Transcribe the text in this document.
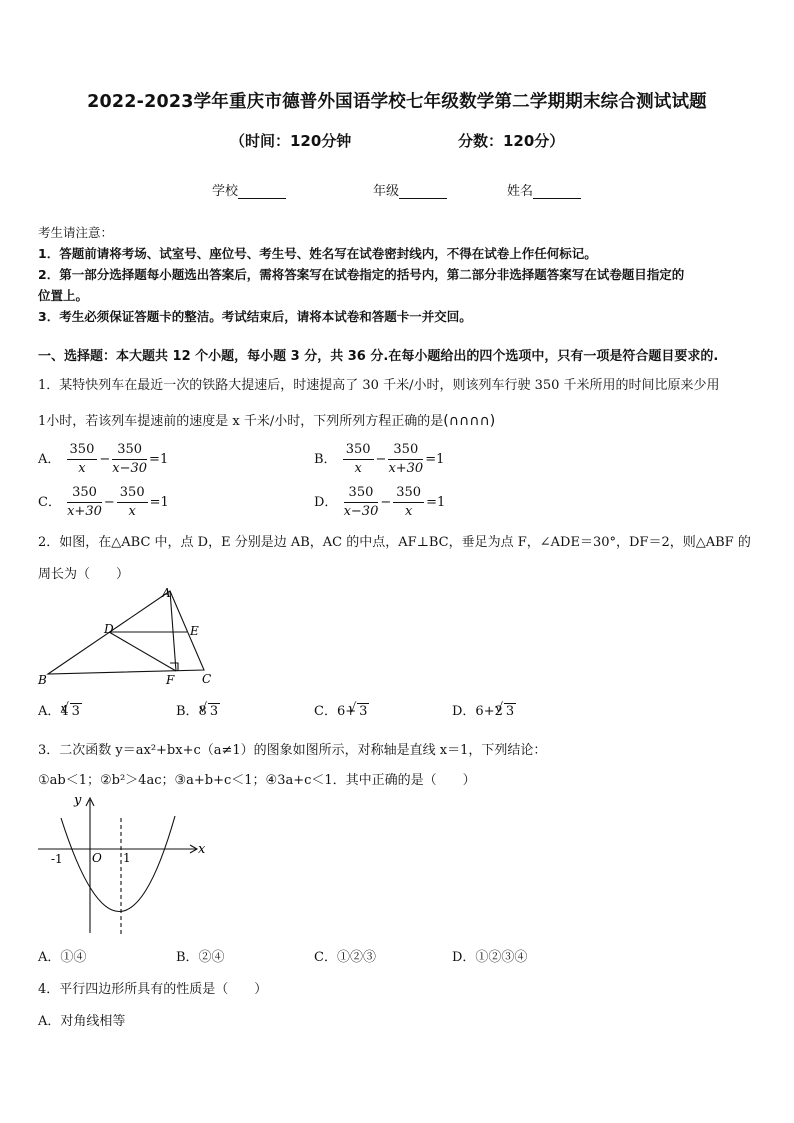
2022-2023学年重庆市德普外国语学校七年级数学第二学期期末综合测试试题
（时间：120分钟	分数：120分）
学校	年级	姓名
考生请注意：
1．答题前请将考场、试室号、座位号、考生号、姓名写在试卷密封线内，不得在试卷上作任何标记。
2．第一部分选择题每小题选出答案后，需将答案写在试卷指定的括号内，第二部分非选择题答案写在试卷题目指定的
位置上。
3．考生必须保证答题卡的整洁。考试结束后，请将本试卷和答题卡一并交回。
一、选择题：本大题共 12 个小题，每小题 3 分，共 36 分.在每小题给出的四个选项中，只有一项是符合题目要求的.
1．某特快列车在最近一次的铁路大提速后，时速提高了 30 千米/小时，则该列车行驶 350 千米所用的时间比原来少用
1小时，若该列车提速前的速度是 x 千米/小时，下列所列方程正确的是(∩∩∩∩)
A． $\frac{350}{x} - \frac{350}{x-30} =1$	B． $\frac{350}{x} - \frac{350}{x+30} =1$
C． $\frac{350}{x+30} - \frac{350}{x} =1$	D． $\frac{350}{x-30} - \frac{350}{x} =1$
2．如图，在△ABC 中，点 D，E 分别是边 AB，AC 的中点，AF⊥BC，垂足为点 F，∠ADE＝30°，DF＝2，则△ABF 的
周长为（　　）
A
B	C
D	E
F
A．4 √ 3	B．8 √ 3	C．6+ √ 3	D．6+2 √ 3
3．二次函数 y＝ax²+bx+c（a≠1）的图象如图所示，对称轴是直线 x＝1，下列结论：
①ab＜1；②b²＞4ac；③a+b+c＜1；④3a+c＜1．其中正确的是（　　）
y
x
O
-1	1
A．①④	B．②④	C．①②③	D．①②③④
4．平行四边形所具有的性质是（　　）
A．对角线相等
